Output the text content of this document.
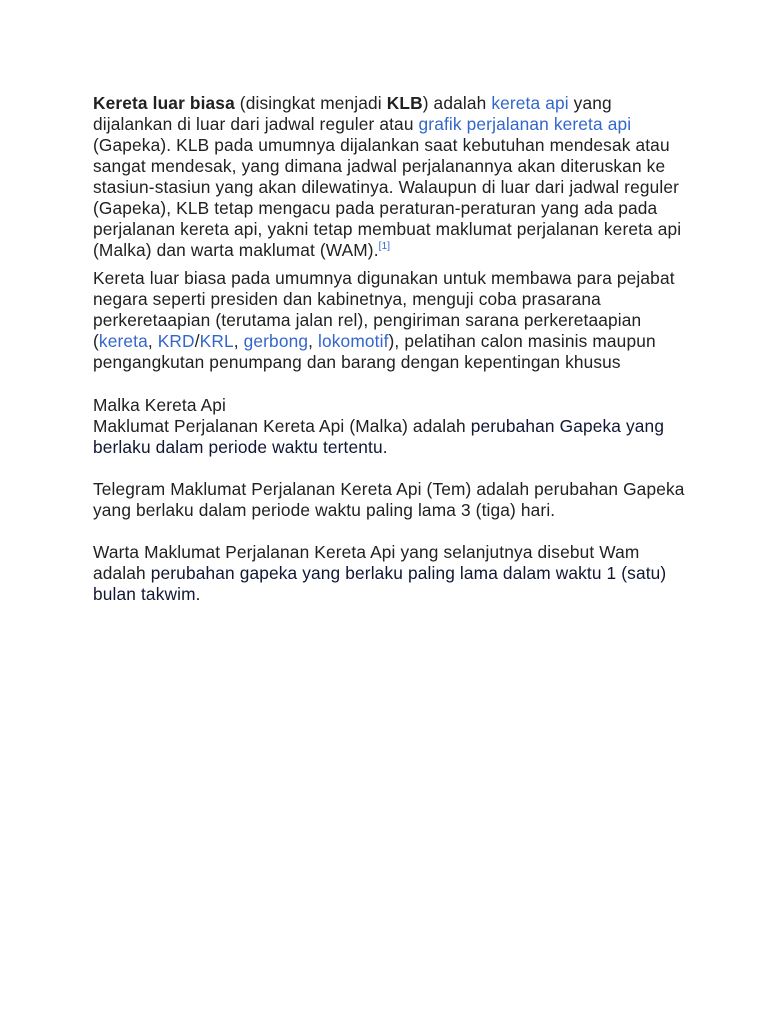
Kereta luar biasa (disingkat menjadi KLB) adalah kereta api yang dijalankan di luar dari jadwal reguler atau grafik perjalanan kereta api (Gapeka). KLB pada umumnya dijalankan saat kebutuhan mendesak atau sangat mendesak, yang dimana jadwal perjalanannya akan diteruskan ke stasiun-stasiun yang akan dilewatinya. Walaupun di luar dari jadwal reguler (Gapeka), KLB tetap mengacu pada peraturan-peraturan yang ada pada perjalanan kereta api, yakni tetap membuat maklumat perjalanan kereta api (Malka) dan warta maklumat (WAM).[1]

Kereta luar biasa pada umumnya digunakan untuk membawa para pejabat negara seperti presiden dan kabinetnya, menguji coba prasarana perkeretaapian (terutama jalan rel), pengiriman sarana perkeretaapian (kereta, KRD/KRL, gerbong, lokomotif), pelatihan calon masinis maupun pengangkutan penumpang dan barang dengan kepentingan khusus

Malka Kereta Api

Maklumat Perjalanan Kereta Api (Malka) adalah perubahan Gapeka yang berlaku dalam periode waktu tertentu.

Telegram Maklumat Perjalanan Kereta Api (Tem) adalah perubahan Gapeka yang berlaku dalam periode waktu paling lama 3 (tiga) hari.

Warta Maklumat Perjalanan Kereta Api yang selanjutnya disebut Wam adalah perubahan gapeka yang berlaku paling lama dalam waktu 1 (satu) bulan takwim.
